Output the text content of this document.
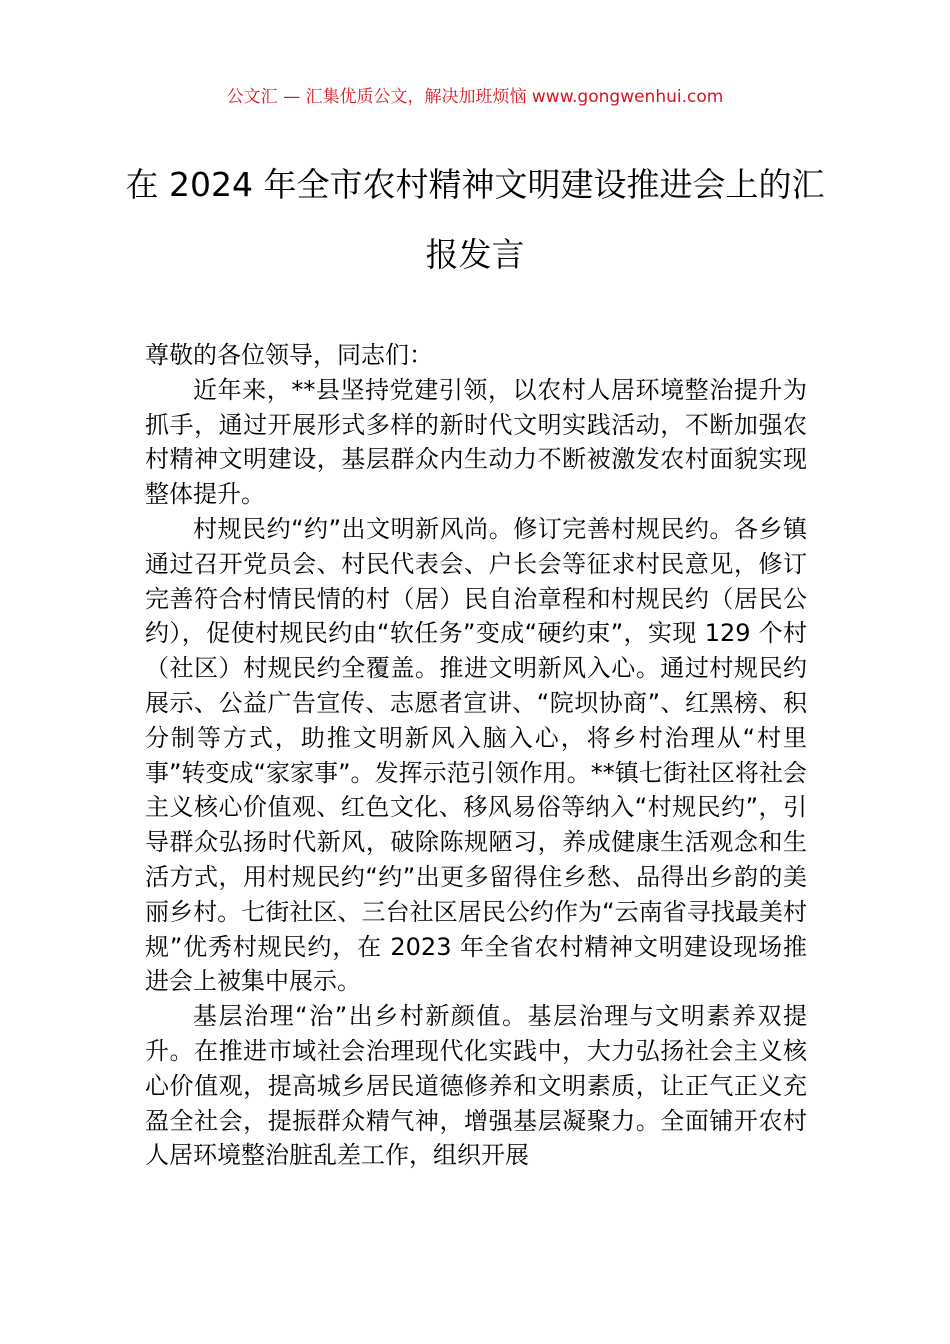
公文汇 — 汇集优质公文，解决加班烦恼 www.gongwenhui.com
在 2024 年全市农村精神文明建设推进会上的汇报发言

尊敬的各位领导，同志们：

近年来，**县坚持党建引领，以农村人居环境整治提升为抓手，通过开展形式多样的新时代文明实践活动，不断加强农村精神文明建设，基层群众内生动力不断被激发农村面貌实现整体提升。

村规民约“约”出文明新风尚。修订完善村规民约。各乡镇通过召开党员会、村民代表会、户长会等征求村民意见，修订完善符合村情民情的村（居）民自治章程和村规民约（居民公约），促使村规民约由“软任务”变成“硬约束”，实现 129 个村（社区）村规民约全覆盖。推进文明新风入心。通过村规民约展示、公益广告宣传、志愿者宣讲、“院坝协商”、红黑榜、积分制等方式，助推文明新风入脑入心，将乡村治理从“村里事”转变成“家家事”。发挥示范引领作用。**镇七街社区将社会主义核心价值观、红色文化、移风易俗等纳入“村规民约”，引导群众弘扬时代新风，破除陈规陋习，养成健康生活观念和生活方式，用村规民约“约”出更多留得住乡愁、品得出乡韵的美丽乡村。七街社区、三台社区居民公约作为“云南省寻找最美村规”优秀村规民约，在 2023 年全省农村精神文明建设现场推进会上被集中展示。

基层治理“治”出乡村新颜值。基层治理与文明素养双提升。在推进市域社会治理现代化实践中，大力弘扬社会主义核心价值观，提高城乡居民道德修养和文明素质，让正气正义充盈全社会，提振群众精气神，增强基层凝聚力。全面铺开农村人居环境整治脏乱差工作，组织开展
